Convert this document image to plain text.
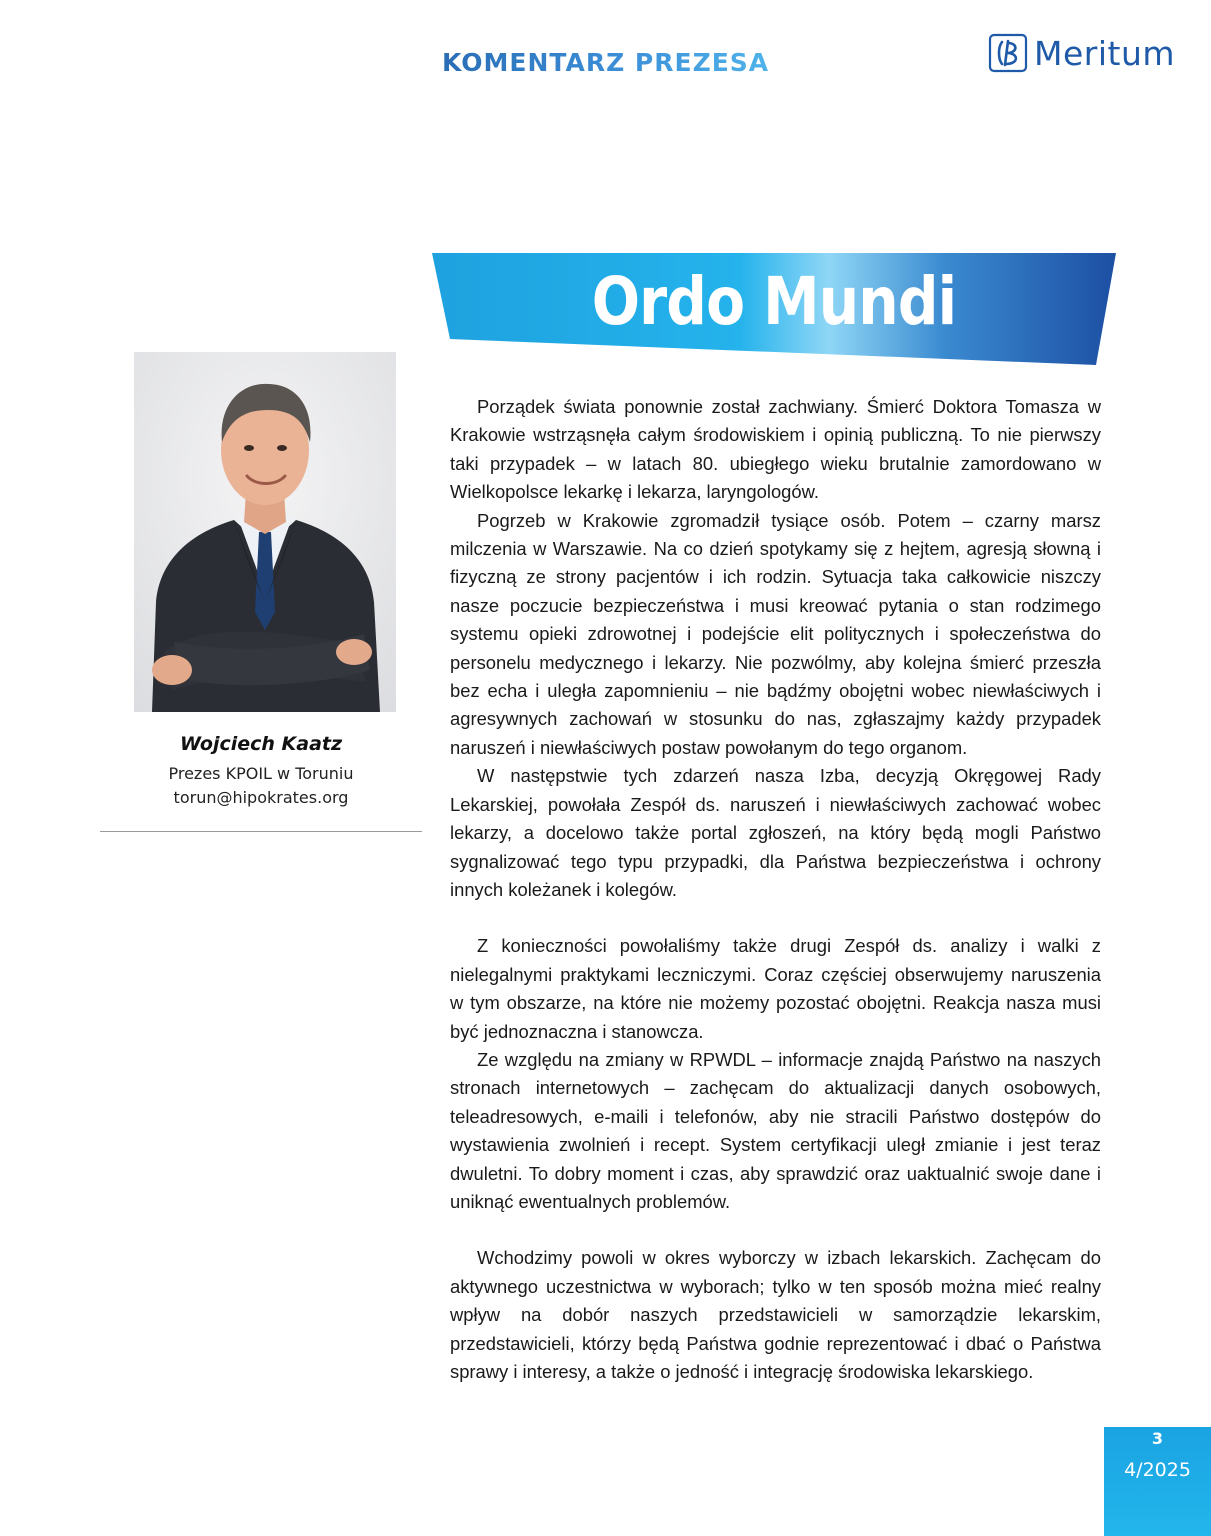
KOMENTARZ PREZESA	Meritum
Ordo Mundi
Wojciech Kaatz
Prezes KPOIL w Toruniu
torun@hipokrates.org

Porządek świata ponownie został zachwiany. Śmierć Doktora Tomasza w Krakowie wstrząsnęła całym środowiskiem i opinią publiczną. To nie pierwszy taki przypadek – w latach 80. ubiegłego wieku brutalnie zamordowano w Wielkopolsce lekarkę i lekarza, laryngologów.

Pogrzeb w Krakowie zgromadził tysiące osób. Potem – czarny marsz milczenia w Warszawie. Na co dzień spotykamy się z hejtem, agresją słowną i fizyczną ze strony pacjentów i ich rodzin. Sytuacja taka całkowicie niszczy nasze poczucie bezpieczeństwa i musi kreować pytania o stan rodzimego systemu opieki zdrowotnej i podejście elit politycznych i społeczeństwa do personelu medycznego i lekarzy. Nie pozwólmy, aby kolejna śmierć przeszła bez echa i uległa zapomnieniu – nie bądźmy obojętni wobec niewłaściwych i agresywnych zachowań w stosunku do nas, zgłaszajmy każdy przypadek naruszeń i niewłaściwych postaw powołanym do tego organom.

W następstwie tych zdarzeń nasza Izba, decyzją Okręgowej Rady Lekarskiej, powołała Zespół ds. naruszeń i niewłaściwych zachować wobec lekarzy, a docelowo także portal zgłoszeń, na który będą mogli Państwo sygnalizować tego typu przypadki, dla Państwa bezpieczeństwa i ochrony innych koleżanek i kolegów.

Z konieczności powołaliśmy także drugi Zespół ds. analizy i walki z nielegalnymi praktykami leczniczymi. Coraz częściej obserwujemy naruszenia w tym obszarze, na które nie możemy pozostać obojętni. Reakcja nasza musi być jednoznaczna i stanowcza.

Ze względu na zmiany w RPWDL – informacje znajdą Państwo na naszych stronach internetowych – zachęcam do aktualizacji danych osobowych, teleadresowych, e-maili i telefonów, aby nie stracili Państwo dostępów do wystawienia zwolnień i recept. System certyfikacji uległ zmianie i jest teraz dwuletni. To dobry moment i czas, aby sprawdzić oraz uaktualnić swoje dane i uniknąć ewentualnych problemów.

Wchodzimy powoli w okres wyborczy w izbach lekarskich. Zachęcam do aktywnego uczestnictwa w wyborach; tylko w ten sposób można mieć realny wpływ na dobór naszych przedstawicieli w samorządzie lekarskim, przedstawicieli, którzy będą Państwa godnie reprezentować i dbać o Państwa sprawy i interesy, a także o jedność i integrację środowiska lekarskiego.

3
4/2025
